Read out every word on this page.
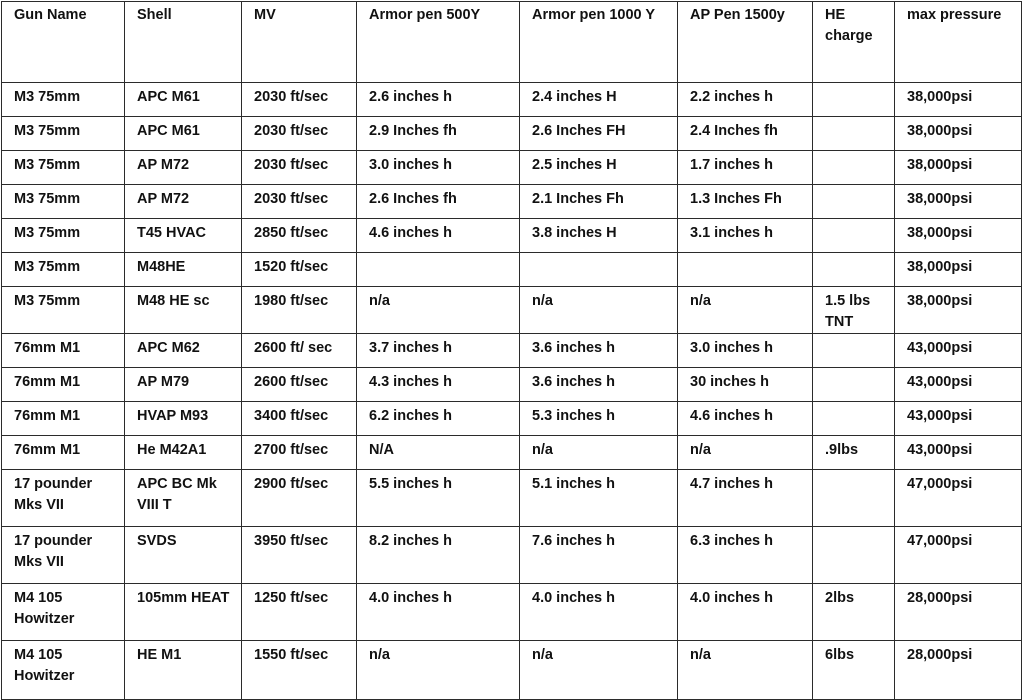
Gun Name	Shell	MV	Armor pen 500Y	Armor pen 1000 Y	AP Pen 1500y	HE charge	max pressure
M3 75mm	APC M61	2030 ft/sec	2.6 inches h	2.4 inches H	2.2 inches h		38,000psi
M3 75mm	APC M61	2030 ft/sec	2.9 Inches fh	2.6 Inches FH	2.4 Inches fh		38,000psi
M3 75mm	AP M72	2030 ft/sec	3.0 inches h	2.5 inches H	1.7 inches h		38,000psi
M3 75mm	AP M72	2030 ft/sec	2.6 Inches fh	2.1 Inches Fh	1.3 Inches Fh		38,000psi
M3 75mm	T45 HVAC	2850 ft/sec	4.6 inches h	3.8 inches H	3.1 inches h		38,000psi
M3 75mm	M48HE	1520 ft/sec					38,000psi
M3 75mm	M48 HE sc	1980 ft/sec	n/a	n/a	n/a	1.5 lbs TNT	38,000psi
76mm M1	APC M62	2600 ft/ sec	3.7 inches h	3.6 inches h	3.0 inches h		43,000psi
76mm M1	AP M79	2600 ft/sec	4.3 inches h	3.6 inches h	30 inches h		43,000psi
76mm M1	HVAP M93	3400 ft/sec	6.2 inches h	5.3 inches h	4.6 inches h		43,000psi
76mm M1	He M42A1	2700 ft/sec	N/A	n/a	n/a	.9lbs	43,000psi
17 pounder Mks VII	APC BC Mk VIII T	2900 ft/sec	5.5 inches h	5.1 inches h	4.7 inches h		47,000psi
17 pounder Mks VII	SVDS	3950 ft/sec	8.2 inches h	7.6 inches h	6.3 inches h		47,000psi
M4 105 Howitzer	105mm HEAT	1250 ft/sec	4.0 inches h	4.0 inches h	4.0 inches h	2lbs	28,000psi
M4 105 Howitzer	HE M1	1550 ft/sec	n/a	n/a	n/a	6lbs	28,000psi
